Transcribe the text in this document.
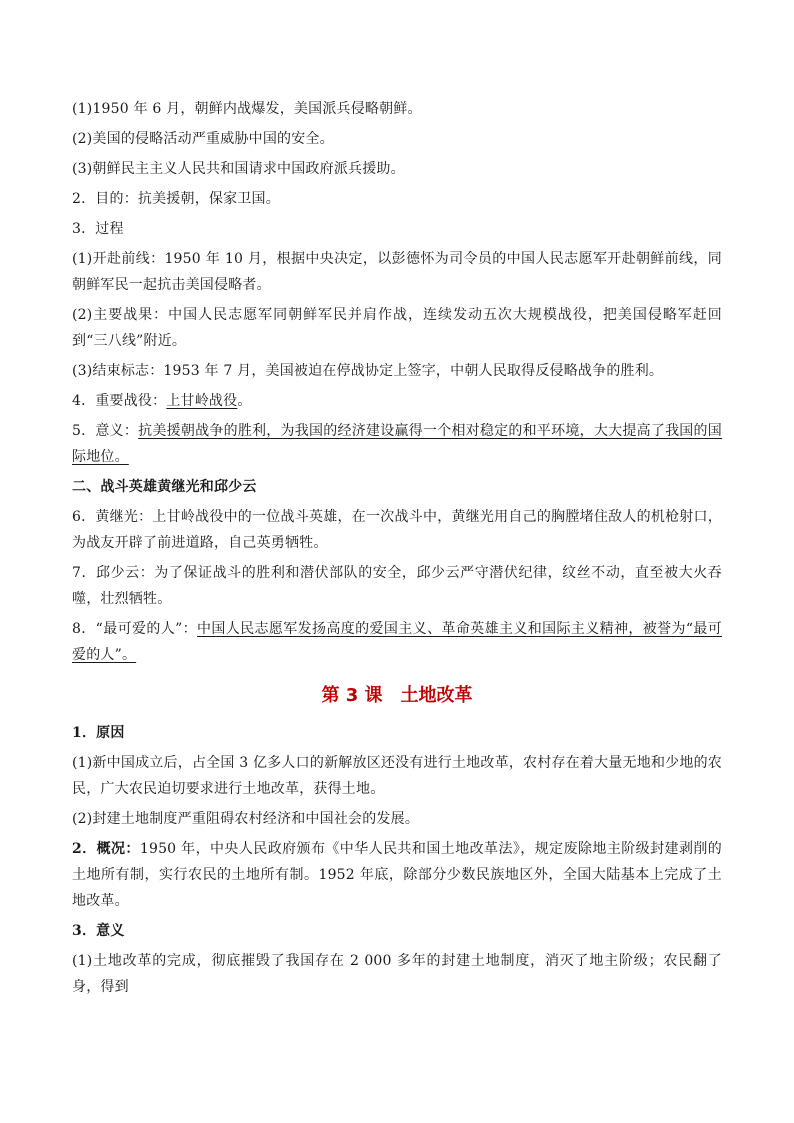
(1)1950 年 6 月，朝鲜内战爆发，美国派兵侵略朝鲜。

(2)美国的侵略活动严重威胁中国的安全。

(3)朝鲜民主主义人民共和国请求中国政府派兵援助。

2．目的：抗美援朝，保家卫国。

3．过程

(1)开赴前线：1950 年 10 月，根据中央决定，以彭德怀为司令员的中国人民志愿军开赴朝鲜前线，同朝鲜军民一起抗击美国侵略者。

(2)主要战果：中国人民志愿军同朝鲜军民并肩作战，连续发动五次大规模战役，把美国侵略军赶回到“三八线”附近。

(3)结束标志：1953 年 7 月，美国被迫在停战协定上签字，中朝人民取得反侵略战争的胜利。

4．重要战役：上甘岭战役。

5．意义：抗美援朝战争的胜利，为我国的经济建设赢得一个相对稳定的和平环境，大大提高了我国的国际地位。

二、战斗英雄黄继光和邱少云

6．黄继光：上甘岭战役中的一位战斗英雄，在一次战斗中，黄继光用自己的胸膛堵住敌人的机枪射口，为战友开辟了前进道路，自己英勇牺牲。

7．邱少云：为了保证战斗的胜利和潜伏部队的安全，邱少云严守潜伏纪律，纹丝不动，直至被大火吞噬，壮烈牺牲。

8．“最可爱的人”：中国人民志愿军发扬高度的爱国主义、革命英雄主义和国际主义精神，被誉为“最可爱的人”。

第 3 课　土地改革

1．原因

(1)新中国成立后，占全国 3 亿多人口的新解放区还没有进行土地改革，农村存在着大量无地和少地的农民，广大农民迫切要求进行土地改革，获得土地。

(2)封建土地制度严重阻碍农村经济和中国社会的发展。

2．概况：1950 年，中央人民政府颁布《中华人民共和国土地改革法》，规定废除地主阶级封建剥削的土地所有制，实行农民的土地所有制。1952 年底，除部分少数民族地区外，全国大陆基本上完成了土地改革。

3．意义

(1)土地改革的完成，彻底摧毁了我国存在 2 000 多年的封建土地制度，消灭了地主阶级；农民翻了身，得到
